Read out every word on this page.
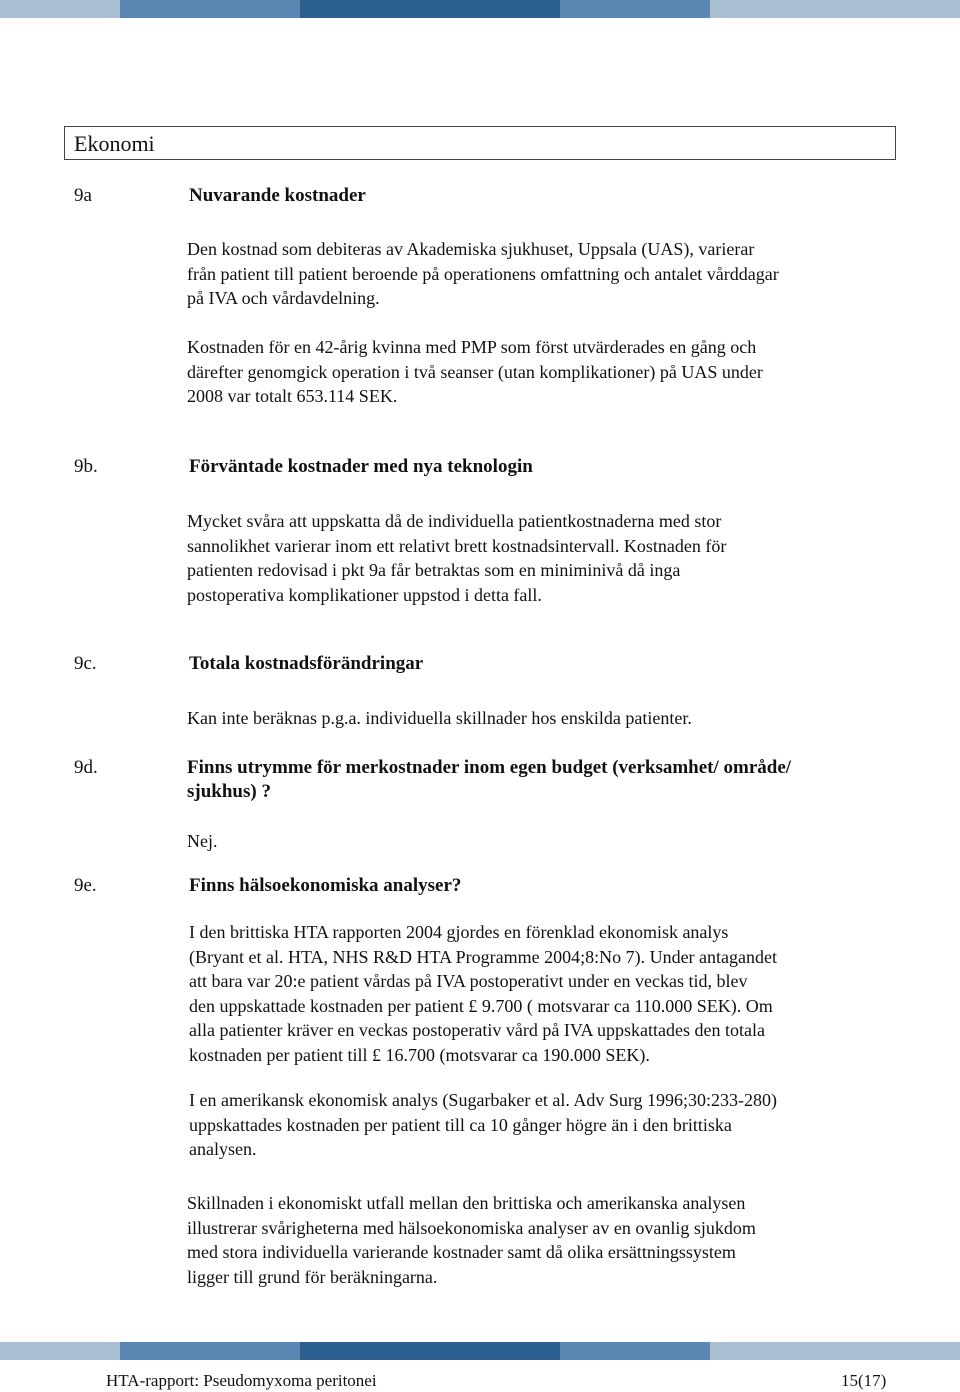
Ekonomi
9a	Nuvarande kostnader

Den kostnad som debiteras av Akademiska sjukhuset, Uppsala (UAS), varierar
från patient till patient beroende på operationens omfattning och antalet vårddagar
på IVA och vårdavdelning.

Kostnaden för en 42-årig kvinna med PMP som först utvärderades en gång och
därefter genomgick operation i två seanser (utan komplikationer) på UAS under
2008 var totalt 653.114 SEK.

9b.	Förväntade kostnader med nya teknologin

Mycket svåra att uppskatta då de individuella patientkostnaderna med stor
sannolikhet varierar inom ett relativt brett kostnadsintervall. Kostnaden för
patienten redovisad i pkt 9a får betraktas som en miniminivå då inga
postoperativa komplikationer uppstod i detta fall.

9c.	Totala kostnadsförändringar

Kan inte beräknas p.g.a. individuella skillnader hos enskilda patienter.

9d.	Finns utrymme för merkostnader inom egen budget (verksamhet/ område/
sjukhus) ?

Nej.

9e.	Finns hälsoekonomiska analyser?

I den brittiska HTA rapporten 2004 gjordes en förenklad ekonomisk analys
(Bryant et al. HTA, NHS R&D HTA Programme 2004;8:No 7). Under antagandet
att bara var 20:e patient vårdas på IVA postoperativt under en veckas tid, blev
den uppskattade kostnaden per patient £ 9.700 ( motsvarar ca 110.000 SEK). Om
alla patienter kräver en veckas postoperativ vård på IVA uppskattades den totala
kostnaden per patient till £ 16.700 (motsvarar ca 190.000 SEK).

I en amerikansk ekonomisk analys (Sugarbaker et al. Adv Surg 1996;30:233-280)
uppskattades kostnaden per patient till ca 10 gånger högre än i den brittiska
analysen.

Skillnaden i ekonomiskt utfall mellan den brittiska och amerikanska analysen
illustrerar svårigheterna med hälsoekonomiska analyser av en ovanlig sjukdom
med stora individuella varierande kostnader samt då olika ersättningssystem
ligger till grund för beräkningarna.

HTA-rapport: Pseudomyxoma peritonei	15(17)
